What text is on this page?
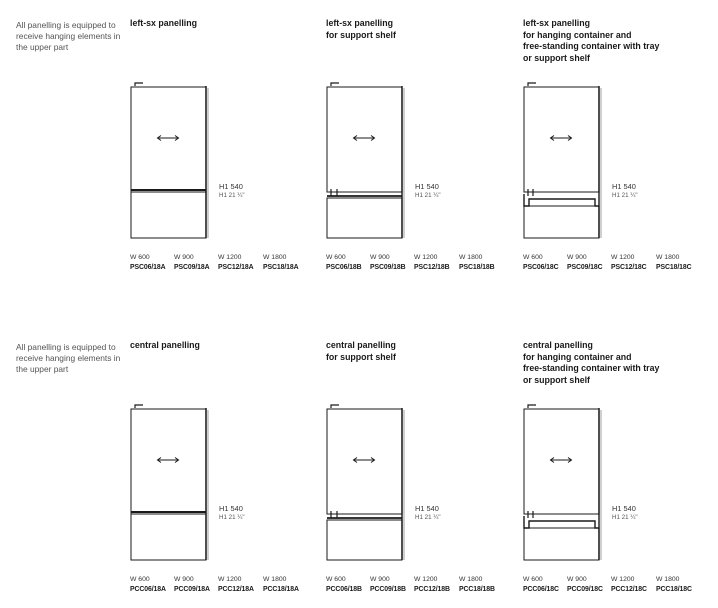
All panelling is equipped to receive hanging elements in the upper part
left-sx panelling
H1 540
H1 21 ¼"
W 600
PSC06/18A
W 900
PSC09/18A
W 1200
PSC12/18A
W 1800
PSC18/18A
left-sx panelling
for support shelf
H1 540
H1 21 ¼"
W 600
PSC06/18B
W 900
PSC09/18B
W 1200
PSC12/18B
W 1800
PSC18/18B
left-sx panelling
for hanging container and
free-standing container with tray
or support shelf
H1 540
H1 21 ¼"
W 600
PSC06/18C
W 900
PSC09/18C
W 1200
PSC12/18C
W 1800
PSC18/18C
All panelling is equipped to receive hanging elements in the upper part
central panelling
H1 540
H1 21 ¼"
W 600
PCC06/18A
W 900
PCC09/18A
W 1200
PCC12/18A
W 1800
PCC18/18A
central panelling
for support shelf
H1 540
H1 21 ¼"
W 600
PCC06/18B
W 900
PCC09/18B
W 1200
PCC12/18B
W 1800
PCC18/18B
central panelling
for hanging container and
free-standing container with tray
or support shelf
H1 540
H1 21 ¼"
W 600
PCC06/18C
W 900
PCC09/18C
W 1200
PCC12/18C
W 1800
PCC18/18C
